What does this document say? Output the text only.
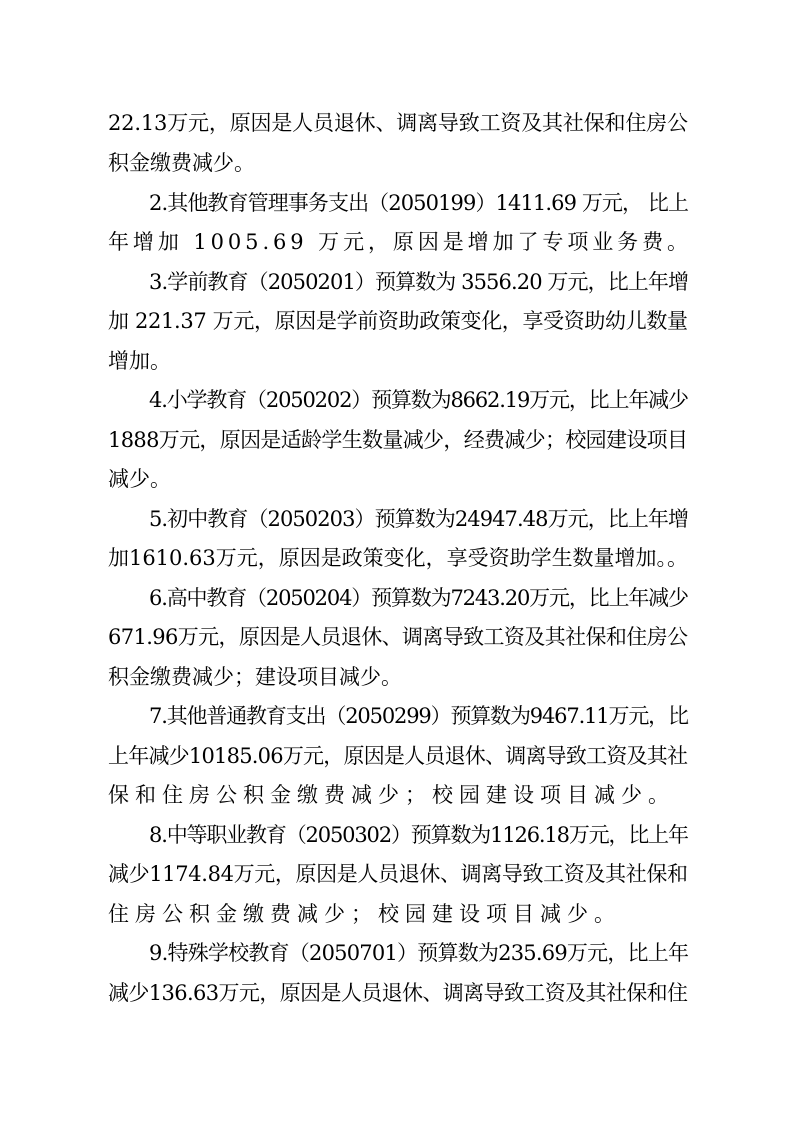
22.13万元，原因是人员退休、调离导致工资及其社保和住房公
积金缴费减少。
2.其他教育管理事务支出（2050199）1411.69 万元， 比上
年增加 1005.69 万元，原因是增加了专项业务费。
3.学前教育（2050201）预算数为 3556.20 万元，比上年增
加 221.37 万元，原因是学前资助政策变化，享受资助幼儿数量
增加。
4.小学教育（2050202）预算数为8662.19万元，比上年减少
1888万元，原因是适龄学生数量减少，经费减少；校园建设项目
减少。
5.初中教育（2050203）预算数为24947.48万元，比上年增
加1610.63万元，原因是政策变化，享受资助学生数量增加。。
6.高中教育（2050204）预算数为7243.20万元，比上年减少
671.96万元，原因是人员退休、调离导致工资及其社保和住房公
积金缴费减少；建设项目减少。
7.其他普通教育支出（2050299）预算数为9467.11万元，比
上年减少10185.06万元，原因是人员退休、调离导致工资及其社
保和住房公积金缴费减少；校园建设项目减少。
8.中等职业教育（2050302）预算数为1126.18万元，比上年
减少1174.84万元，原因是人员退休、调离导致工资及其社保和
住房公积金缴费减少；校园建设项目减少。
9.特殊学校教育（2050701）预算数为235.69万元，比上年
减少136.63万元，原因是人员退休、调离导致工资及其社保和住
